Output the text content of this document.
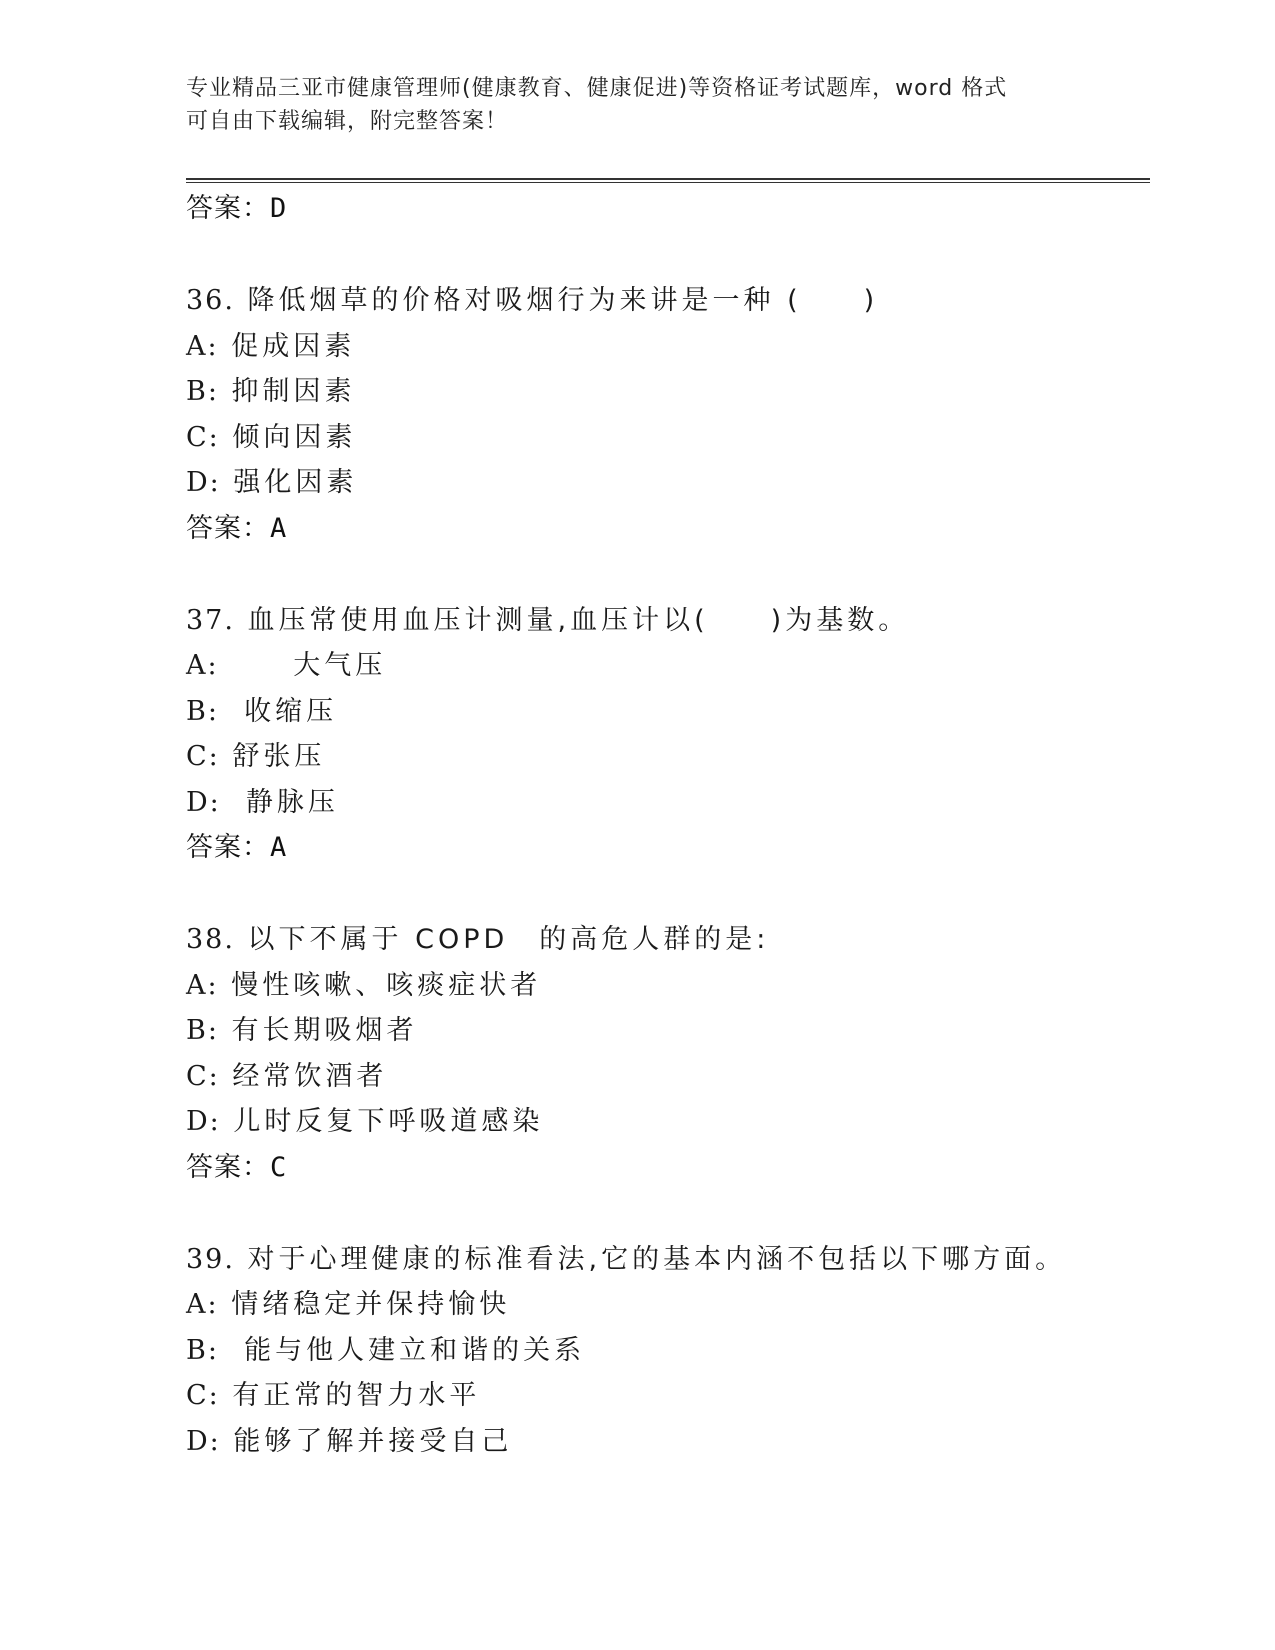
专业精品三亚市健康管理师(健康教育、健康促进)等资格证考试题库，word 格式
可自由下载编辑，附完整答案！
答案：D
36. 降低烟草的价格对吸烟行为来讲是一种 (　　)
A: 促成因素
B: 抑制因素
C: 倾向因素
D: 强化因素
答案：A
37. 血压常使用血压计测量,血压计以(　　)为基数。
A: 　　大气压
B:  收缩压
C: 舒张压
D:  静脉压
答案：A
38. 以下不属于 COPD　的高危人群的是:
A: 慢性咳嗽、咳痰症状者
B: 有长期吸烟者
C: 经常饮酒者
D: 儿时反复下呼吸道感染
答案：C
39. 对于心理健康的标准看法,它的基本内涵不包括以下哪方面。
A: 情绪稳定并保持愉快
B:  能与他人建立和谐的关系
C: 有正常的智力水平
D: 能够了解并接受自己
